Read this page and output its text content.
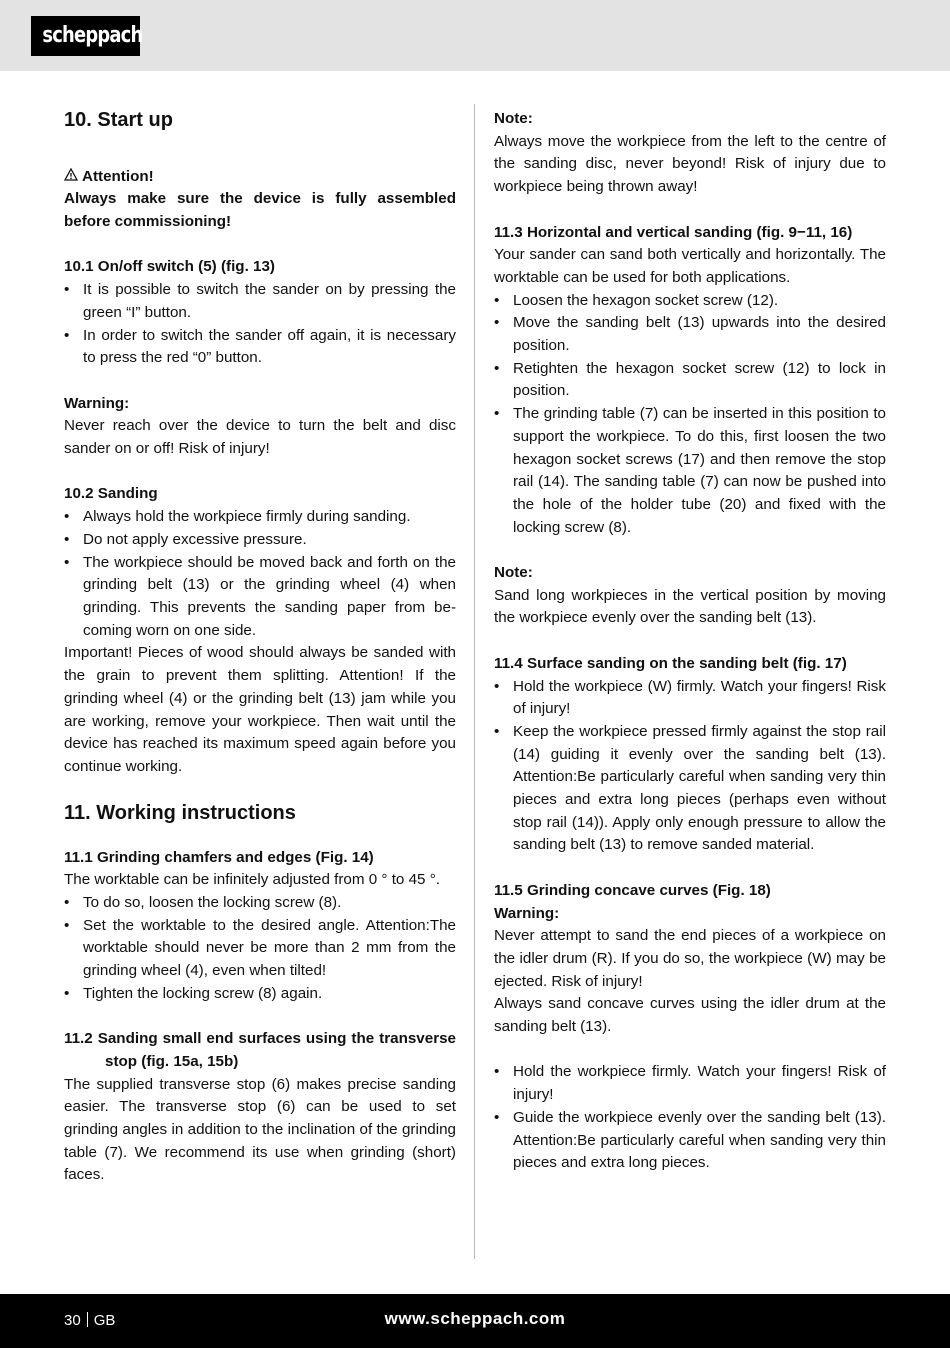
scheppach
10. Start up

Attention!

Always make sure the device is fully assembled before commissioning!

10.1 On/off switch (5) (fig. 13)

• It is possible to switch the sander on by pressing the green “I” button.
• In order to switch the sander off again, it is necessary to press the red “0” button.

Warning:

Never reach over the device to turn the belt and disc sander on or off! Risk of injury!

10.2 Sanding

• Always hold the workpiece firmly during sanding.
• Do not apply excessive pressure.
• The workpiece should be moved back and forth on the grinding belt (13) or the grinding wheel (4) when grinding. This prevents the sanding paper from becoming worn on one side.

Important! Pieces of wood should always be sanded with the grain to prevent them splitting. Attention! If the grinding wheel (4) or the grinding belt (13) jam while you are working, remove your workpiece. Then wait until the device has reached its maximum speed again before you continue working.

11. Working instructions

11.1 Grinding chamfers and edges (Fig. 14)

The worktable can be infinitely adjusted from 0 ° to 45 °.

• To do so, loosen the locking screw (8).
• Set the worktable to the desired angle. Attention:The worktable should never be more than 2 mm from the grinding wheel (4), even when tilted!
• Tighten the locking screw (8) again.

11.2 Sanding small end surfaces using the transverse stop (fig. 15a, 15b)

The supplied transverse stop (6) makes precise sanding easier. The transverse stop (6) can be used to set grinding angles in addition to the inclination of the grinding table (7). We recommend its use when grinding (short) faces.

Note:

Always move the workpiece from the left to the centre of the sanding disc, never beyond! Risk of injury due to workpiece being thrown away!

11.3 Horizontal and vertical sanding (fig. 9−11, 16)

Your sander can sand both vertically and horizontally. The worktable can be used for both applications.

• Loosen the hexagon socket screw (12).
• Move the sanding belt (13) upwards into the desired position.
• Retighten the hexagon socket screw (12) to lock in position.
• The grinding table (7) can be inserted in this position to support the workpiece. To do this, first loosen the two hexagon socket screws (17) and then remove the stop rail (14). The sanding table (7) can now be pushed into the hole of the holder tube (20) and fixed with the locking screw (8).

Note:

Sand long workpieces in the vertical position by moving the workpiece evenly over the sanding belt (13).

11.4 Surface sanding on the sanding belt (fig. 17)

• Hold the workpiece (W) firmly. Watch your fingers! Risk of injury!
• Keep the workpiece pressed firmly against the stop rail (14) guiding it evenly over the sanding belt (13). Attention:Be particularly careful when sanding very thin pieces and extra long pieces (perhaps even without stop rail (14)). Apply only enough pressure to allow the sanding belt (13) to remove sanded material.

11.5 Grinding concave curves (Fig. 18)

Warning:

Never attempt to sand the end pieces of a workpiece on the idler drum (R). If you do so, the workpiece (W) may be ejected. Risk of injury!

Always sand concave curves using the idler drum at the sanding belt (13).

• Hold the workpiece firmly. Watch your fingers! Risk of injury!
• Guide the workpiece evenly over the sanding belt (13). Attention:Be particularly careful when sanding very thin pieces and extra long pieces.
30 GB	www.scheppach.com
